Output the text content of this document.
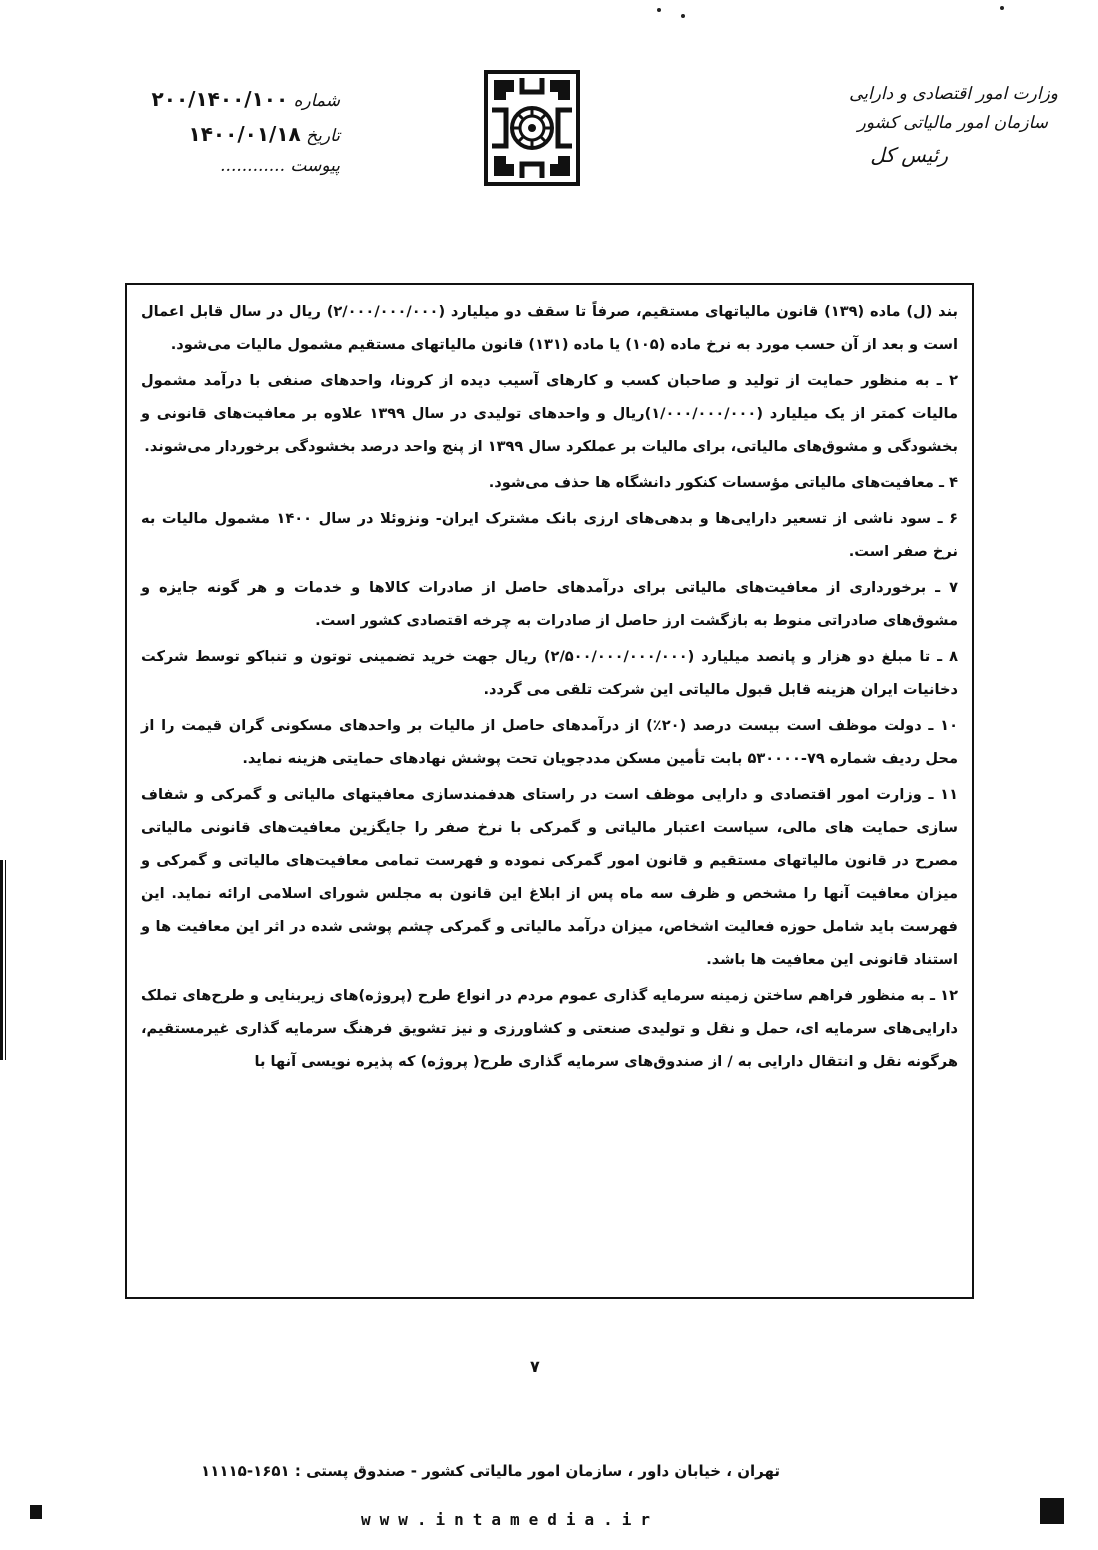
وزارت امور اقتصادی و دارایی
سازمان امور مالیاتی کشور
رئیس کل
شماره ۲۰۰/۱۴۰۰/۱۰۰
تاریخ ۱۴۰۰/۰۱/۱۸
پیوست ............

بند (ل) ماده (۱۳۹) قانون مالیاتهای مستقیم، صرفاً تا سقف دو میلیارد (۲/۰۰۰/۰۰۰/۰۰۰) ریال در سال قابل اعمال است و بعد از آن حسب مورد به نرخ ماده (۱۰۵) یا ماده (۱۳۱) قانون مالیاتهای مستقیم مشمول مالیات می‌شود.

۲ ـ به منظور حمایت از تولید و صاحبان کسب و کارهای آسیب دیده از کرونا، واحدهای صنفی با درآمد مشمول مالیات کمتر از یک میلیارد (۱/۰۰۰/۰۰۰/۰۰۰)ریال و واحدهای تولیدی در سال ۱۳۹۹ علاوه بر معافیت‌های قانونی و بخشودگی و مشوق‌های مالیاتی، برای مالیات بر عملکرد سال ۱۳۹۹ از پنج واحد درصد بخشودگی برخوردار می‌شوند.

۴ ـ معافیت‌های مالیاتی مؤسسات کنکور دانشگاه ها حذف می‌شود.

۶ ـ سود ناشی از تسعیر دارایی‌ها و بدهی‌های ارزی بانک مشترک ایران- ونزوئلا در سال ۱۴۰۰ مشمول مالیات به نرخ صفر است.

۷ ـ برخورداری از معافیت‌های مالیاتی برای درآمدهای حاصل از صادرات کالاها و خدمات و هر گونه جایزه و مشوق‌های صادراتی منوط به بازگشت ارز حاصل از صادرات به چرخه اقتصادی کشور است.

۸ ـ تا مبلغ دو هزار و پانصد میلیارد (۲/۵۰۰/۰۰۰/۰۰۰/۰۰۰) ریال جهت خرید تضمینی توتون و تنباکو توسط شرکت دخانیات ایران هزینه قابل قبول مالیاتی این شرکت تلقی می گردد.

۱۰ ـ دولت موظف است بیست درصد (۲۰٪) از درآمدهای حاصل از مالیات بر واحدهای مسکونی گران قیمت را از محل ردیف شماره ۷۹-۵۳۰۰۰۰ بابت تأمین مسکن مددجویان تحت پوشش نهادهای حمایتی هزینه نماید.

۱۱ ـ وزارت امور اقتصادی و دارایی موظف است در راستای هدفمندسازی معافیتهای مالیاتی و گمرکی و شفاف سازی حمایت های مالی، سیاست اعتبار مالیاتی و گمرکی با نرخ صفر را جایگزین معافیت‌های قانونی مالیاتی مصرح در قانون مالیاتهای مستقیم و قانون امور گمرکی نموده و فهرست تمامی معافیت‌های مالیاتی و گمرکی و میزان معافیت آنها را مشخص و ظرف سه ماه پس از ابلاغ این قانون به مجلس شورای اسلامی ارائه نماید. این فهرست باید شامل حوزه فعالیت اشخاص، میزان درآمد مالیاتی و گمرکی چشم پوشی شده در اثر این معافیت ها و استناد قانونی این معافیت ها باشد.

۱۲ ـ به منظور فراهم ساختن زمینه سرمایه گذاری عموم مردم در انواع طرح (پروژه)‌های زیربنایی و طرح‌های تملک دارایی‌های سرمایه ای، حمل و نقل و تولیدی صنعتی و کشاورزی و نیز تشویق فرهنگ سرمایه گذاری غیرمستقیم، هرگونه نقل و انتقال دارایی به / از صندوق‌های سرمایه گذاری طرح( پروژه) که پذیره نویسی آنها با

۷
تهران ، خیابان داور ، سازمان امور مالیاتی کشور - صندوق پستی : ۱۶۵۱-۱۱۱۱۵
www.intamedia.ir
